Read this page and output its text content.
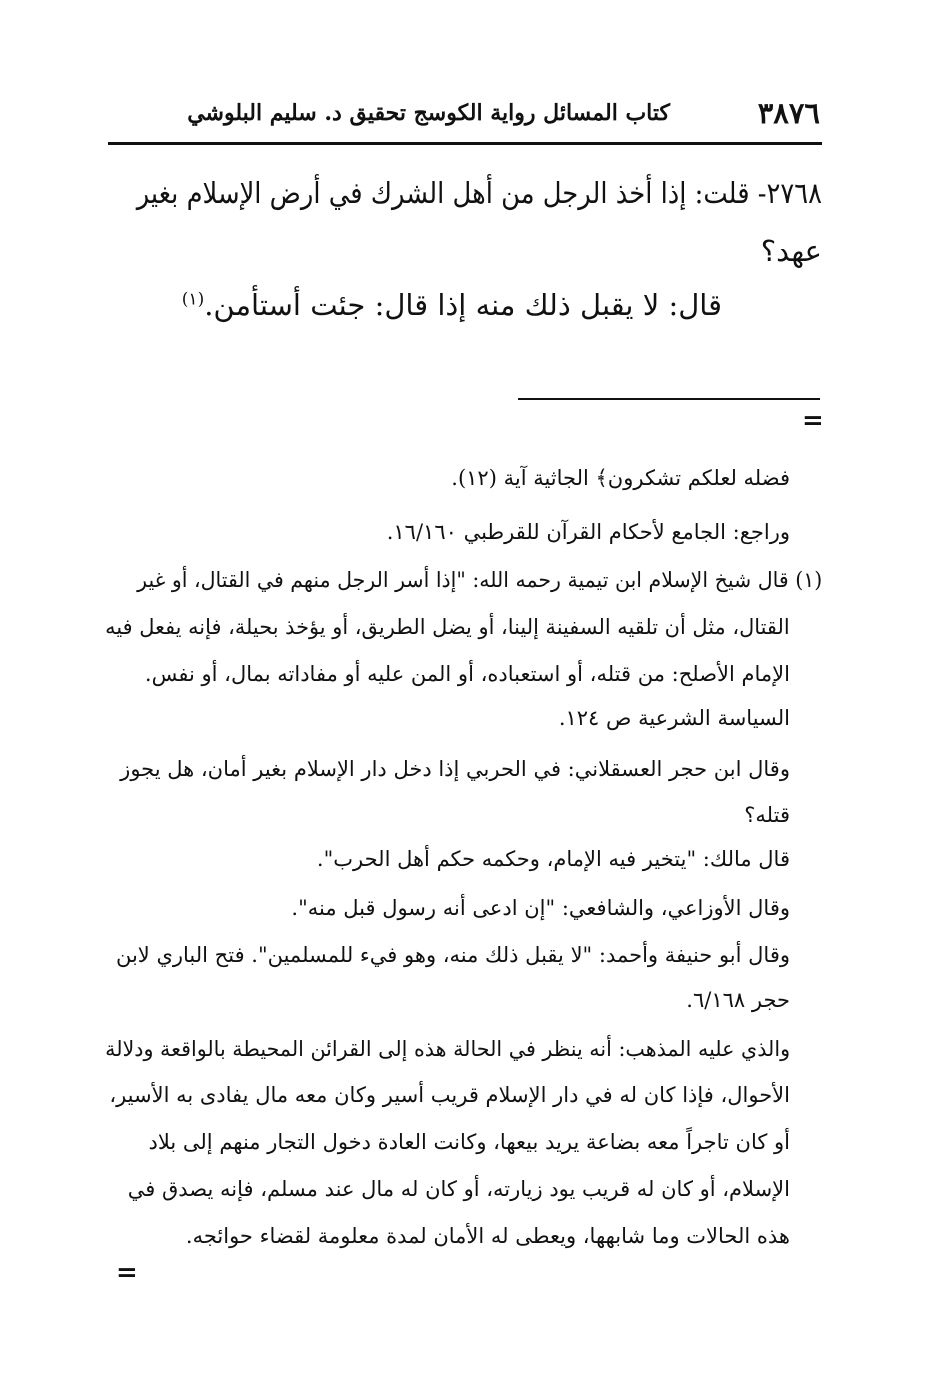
٣٨٧٦
كتاب المسائل رواية الكوسج تحقيق د. سليم البلوشي
٢٧٦٨- قلت: إذا أخذ الرجل من أهل الشرك في أرض الإسلام بغير
عهد؟
قال: لا يقبل ذلك منه إذا قال: جئت أستأمن.$^{(١)}$
=
فضله لعلكم تشكرون﴾ الجاثية آية (١٢).
وراجع: الجامع لأحكام القرآن للقرطبي ١٦/١٦٠.
(١) قال شيخ الإسلام ابن تيمية رحمه الله: "إذا أسر الرجل منهم في القتال، أو غير
القتال، مثل أن تلقيه السفينة إلينا، أو يضل الطريق، أو يؤخذ بحيلة، فإنه يفعل فيه
الإمام الأصلح: من قتله، أو استعباده، أو المن عليه أو مفاداته بمال، أو نفس.
السياسة الشرعية ص ١٢٤.
وقال ابن حجر العسقلاني: في الحربي إذا دخل دار الإسلام بغير أمان، هل يجوز
قتله؟
قال مالك: "يتخير فيه الإمام، وحكمه حكم أهل الحرب".
وقال الأوزاعي، والشافعي: "إن ادعى أنه رسول قبل منه".
وقال أبو حنيفة وأحمد: "لا يقبل ذلك منه، وهو فيء للمسلمين". فتح الباري لابن
حجر ٦/١٦٨.
والذي عليه المذهب: أنه ينظر في الحالة هذه إلى القرائن المحيطة بالواقعة ودلالة
الأحوال، فإذا كان له في دار الإسلام قريب أسير وكان معه مال يفادى به الأسير،
أو كان تاجراً معه بضاعة يريد بيعها، وكانت العادة دخول التجار منهم إلى بلاد
الإسلام، أو كان له قريب يود زيارته، أو كان له مال عند مسلم، فإنه يصدق في
هذه الحالات وما شابهها، ويعطى له الأمان لمدة معلومة لقضاء حوائجه.
=
